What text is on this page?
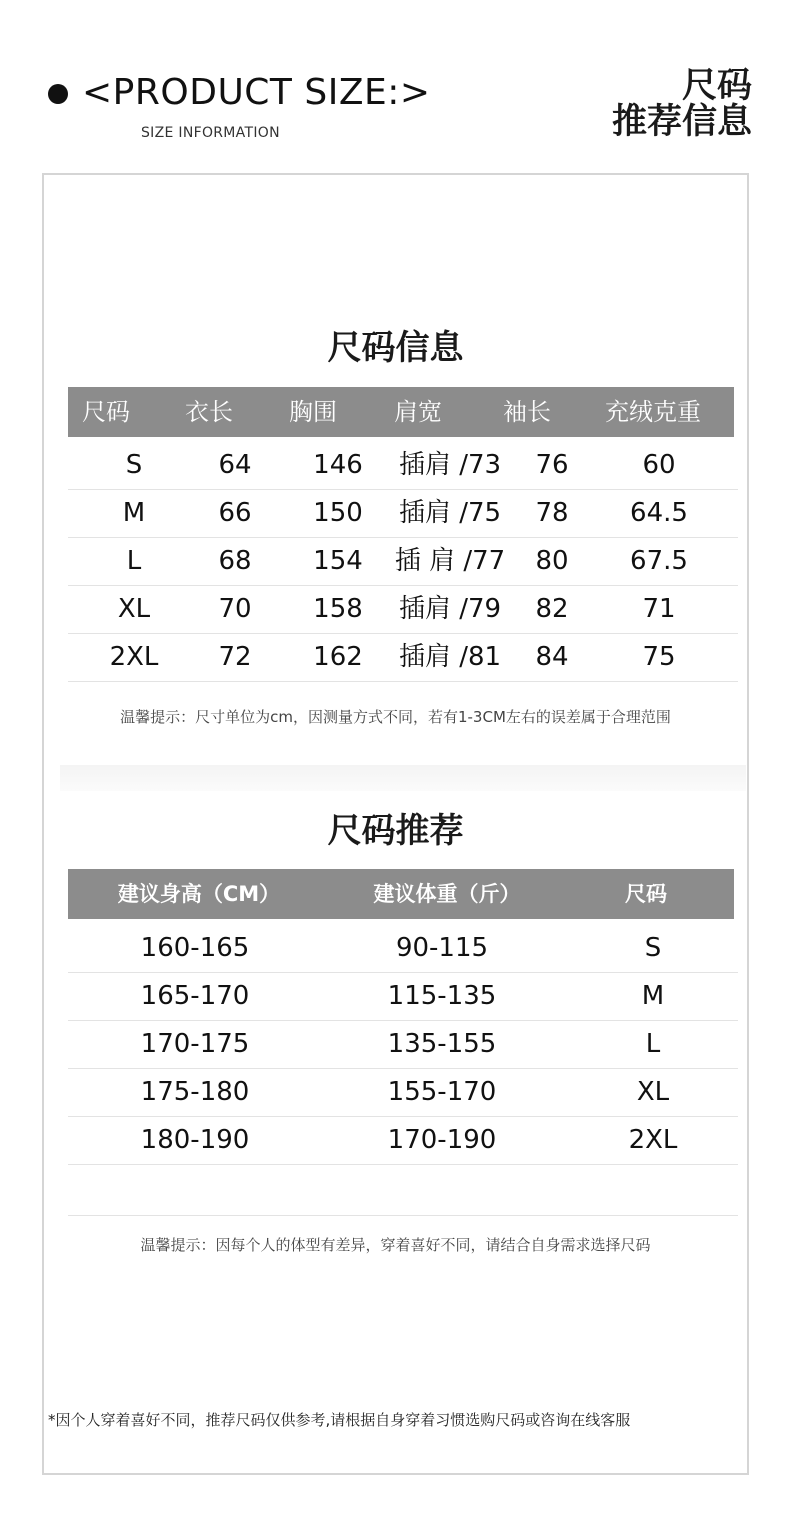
<PRODUCT SIZE:>
SIZE INFORMATION
尺码
推荐信息
尺码信息
尺码 衣长 胸围 肩宽	袖长 充绒克重
S	64 146 插肩 /73 76	60
M	66 150 插肩 /75 78 64.5
L	68 154 插 肩 /77 80 67.5
XL	70 158 插肩 /79 82	71
2XL 72 162 插肩 /81 84	75
温馨提示：尺寸单位为cm，因测量方式不同，若有1-3CM左右的误差属于合理范围
尺码推荐
建议身高（CM）	建议体重（斤）	尺码
160-165	90-115	S
165-170	115-135	M
170-175	135-155	L
175-180	155-170	XL
180-190	170-190	2XL
温馨提示：因每个人的体型有差异，穿着喜好不同，请结合自身需求选择尺码
*因个人穿着喜好不同，推荐尺码仅供参考,请根据自身穿着习惯选购尺码或咨询在线客服
